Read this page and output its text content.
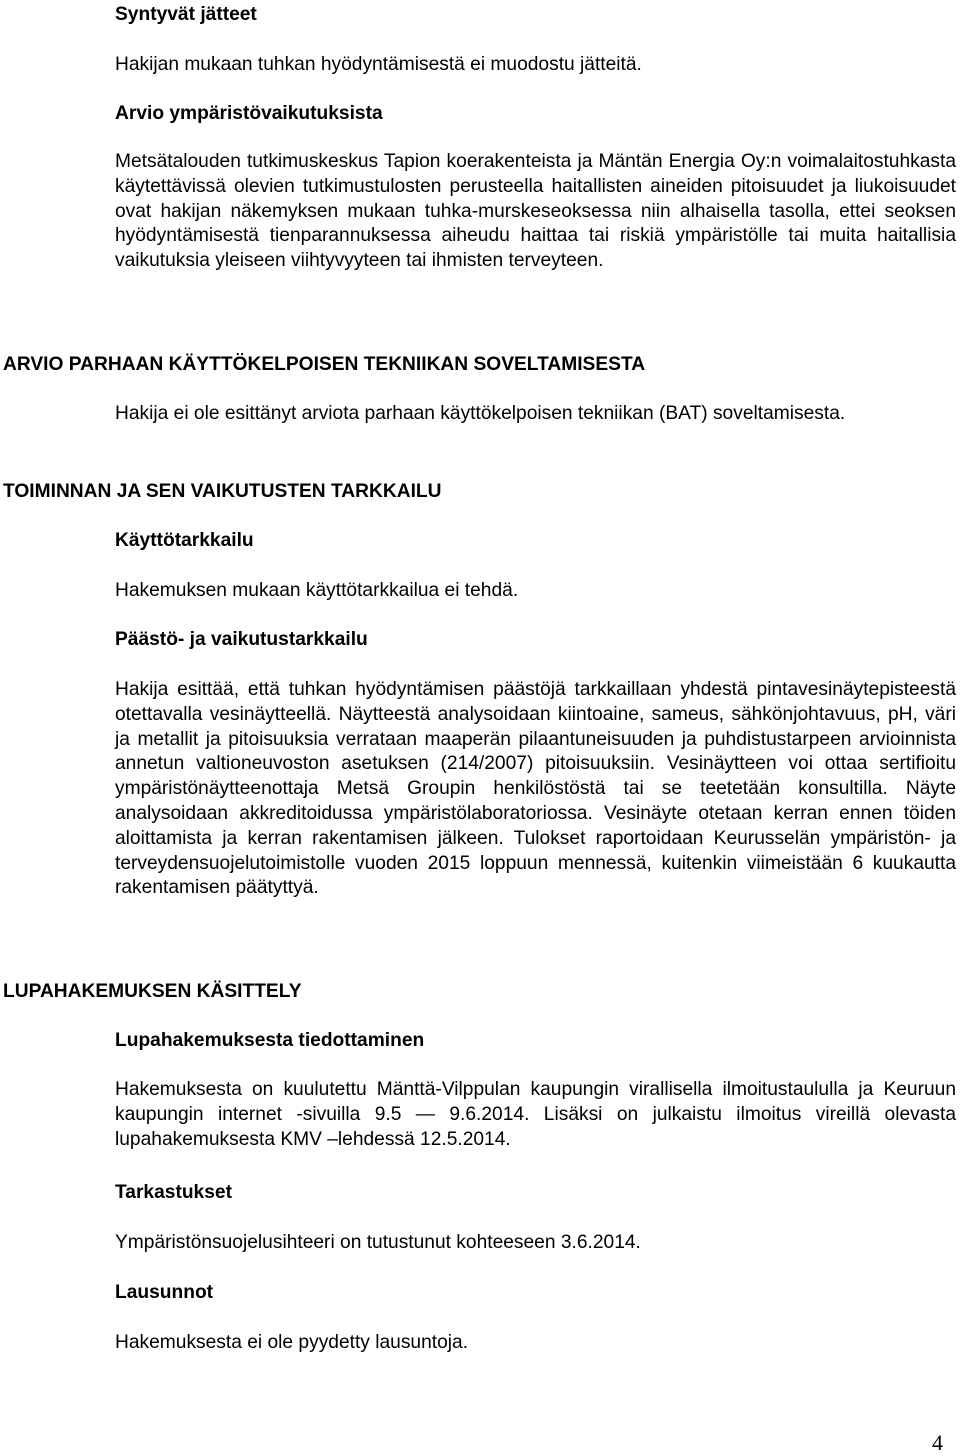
Syntyvät jätteet
Hakijan mukaan tuhkan hyödyntämisestä ei muodostu jätteitä.
Arvio ympäristövaikutuksista
Metsätalouden tutkimuskeskus Tapion koerakenteista ja Mäntän Energia Oy:n voimalaitostuhkasta käytettävissä olevien tutkimustulosten perusteella haitallisten aineiden pitoisuudet ja liukoisuudet ovat hakijan näkemyksen mukaan tuhka-murskeseoksessa niin alhaisella tasolla, ettei seoksen hyödyntämisestä tienparannuksessa aiheudu haittaa tai riskiä ympäristölle tai muita haitallisia vaikutuksia yleiseen viihtyvyyteen tai ihmisten terveyteen.
ARVIO PARHAAN KÄYTTÖKELPOISEN TEKNIIKAN SOVELTAMISESTA
Hakija ei ole esittänyt arviota parhaan käyttökelpoisen tekniikan (BAT) soveltamisesta.
TOIMINNAN JA SEN VAIKUTUSTEN TARKKAILU
Käyttötarkkailu
Hakemuksen mukaan käyttötarkkailua ei tehdä.
Päästö- ja vaikutustarkkailu
Hakija esittää, että tuhkan hyödyntämisen päästöjä tarkkaillaan yhdestä pintavesinäytepisteestä otettavalla vesinäytteellä. Näytteestä analysoidaan kiintoaine, sameus, sähkönjohtavuus, pH, väri ja metallit ja pitoisuuksia verrataan maaperän pilaantuneisuuden ja puhdistustarpeen arvioinnista annetun valtioneuvoston asetuksen (214/2007) pitoisuuksiin. Vesinäytteen voi ottaa sertifioitu ympäristönäytteenottaja Metsä Groupin henkilöstöstä tai se teetetään konsultilla. Näyte analysoidaan akkreditoidussa ympäristölaboratoriossa. Vesinäyte otetaan kerran ennen töiden aloittamista ja kerran rakentamisen jälkeen. Tulokset raportoidaan Keurusselän ympäristön- ja terveydensuojelutoimistolle vuoden 2015 loppuun mennessä, kuitenkin viimeistään 6 kuukautta rakentamisen päätyttyä.
LUPAHAKEMUKSEN KÄSITTELY
Lupahakemuksesta tiedottaminen
Hakemuksesta on kuulutettu Mänttä-Vilppulan kaupungin virallisella ilmoitustaululla ja Keuruun kaupungin internet -sivuilla 9.5 — 9.6.2014. Lisäksi on julkaistu ilmoitus vireillä olevasta lupahakemuksesta KMV –lehdessä 12.5.2014.
Tarkastukset
Ympäristönsuojelusihteeri on tutustunut kohteeseen 3.6.2014.
Lausunnot
Hakemuksesta ei ole pyydetty lausuntoja.
4
